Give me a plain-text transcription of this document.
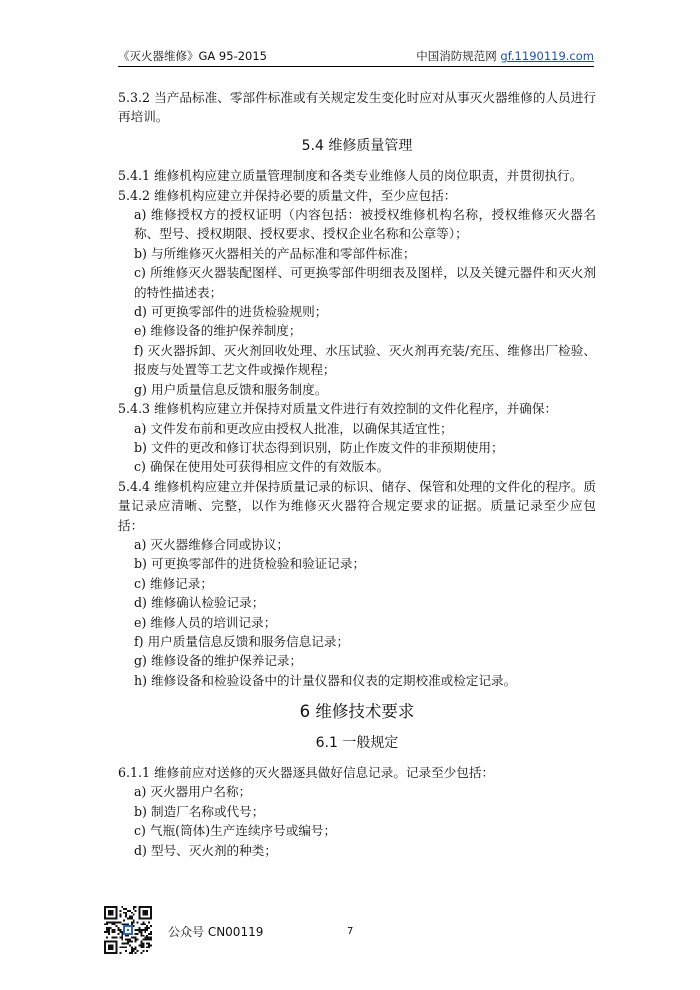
《灭火器维修》GA 95-2015	中国消防规范网 gf.1190119.com

5.3.2 当产品标准、零部件标准或有关规定发生变化时应对从事灭火器维修的人员进行再培训。

5.4 维修质量管理

5.4.1 维修机构应建立质量管理制度和各类专业维修人员的岗位职责，并贯彻执行。

5.4.2 维修机构应建立并保持必要的质量文件，至少应包括：

a) 维修授权方的授权证明（内容包括：被授权维修机构名称，授权维修灭火器名称、型号、授权期限、授权要求、授权企业名称和公章等）；

b) 与所维修灭火器相关的产品标准和零部件标准；

c) 所维修灭火器装配图样、可更换零部件明细表及图样，以及关键元器件和灭火剂的特性描述表；

d) 可更换零部件的进货检验规则；

e) 维修设备的维护保养制度；

f) 灭火器拆卸、灭火剂回收处理、水压试验、灭火剂再充装/充压、维修出厂检验、报废与处置等工艺文件或操作规程；

g) 用户质量信息反馈和服务制度。

5.4.3 维修机构应建立并保持对质量文件进行有效控制的文件化程序，并确保：

a) 文件发布前和更改应由授权人批准，以确保其适宜性；

b) 文件的更改和修订状态得到识别，防止作废文件的非预期使用；

c) 确保在使用处可获得相应文件的有效版本。

5.4.4 维修机构应建立并保持质量记录的标识、储存、保管和处理的文件化的程序。质量记录应清晰、完整，以作为维修灭火器符合规定要求的证据。质量记录至少应包括：

a) 灭火器维修合同或协议；

b) 可更换零部件的进货检验和验证记录；

c) 维修记录；

d) 维修确认检验记录；

e) 维修人员的培训记录；

f) 用户质量信息反馈和服务信息记录；

g) 维修设备的维护保养记录；

h) 维修设备和检验设备中的计量仪器和仪表的定期校准或检定记录。

6 维修技术要求

6.1 一般规定

6.1.1 维修前应对送修的灭火器逐具做好信息记录。记录至少包括：

a) 灭火器用户名称；

b) 制造厂名称或代号；

c) 气瓶(筒体)生产连续序号或编号；

d) 型号、灭火剂的种类；

公众号 CN00119	7
